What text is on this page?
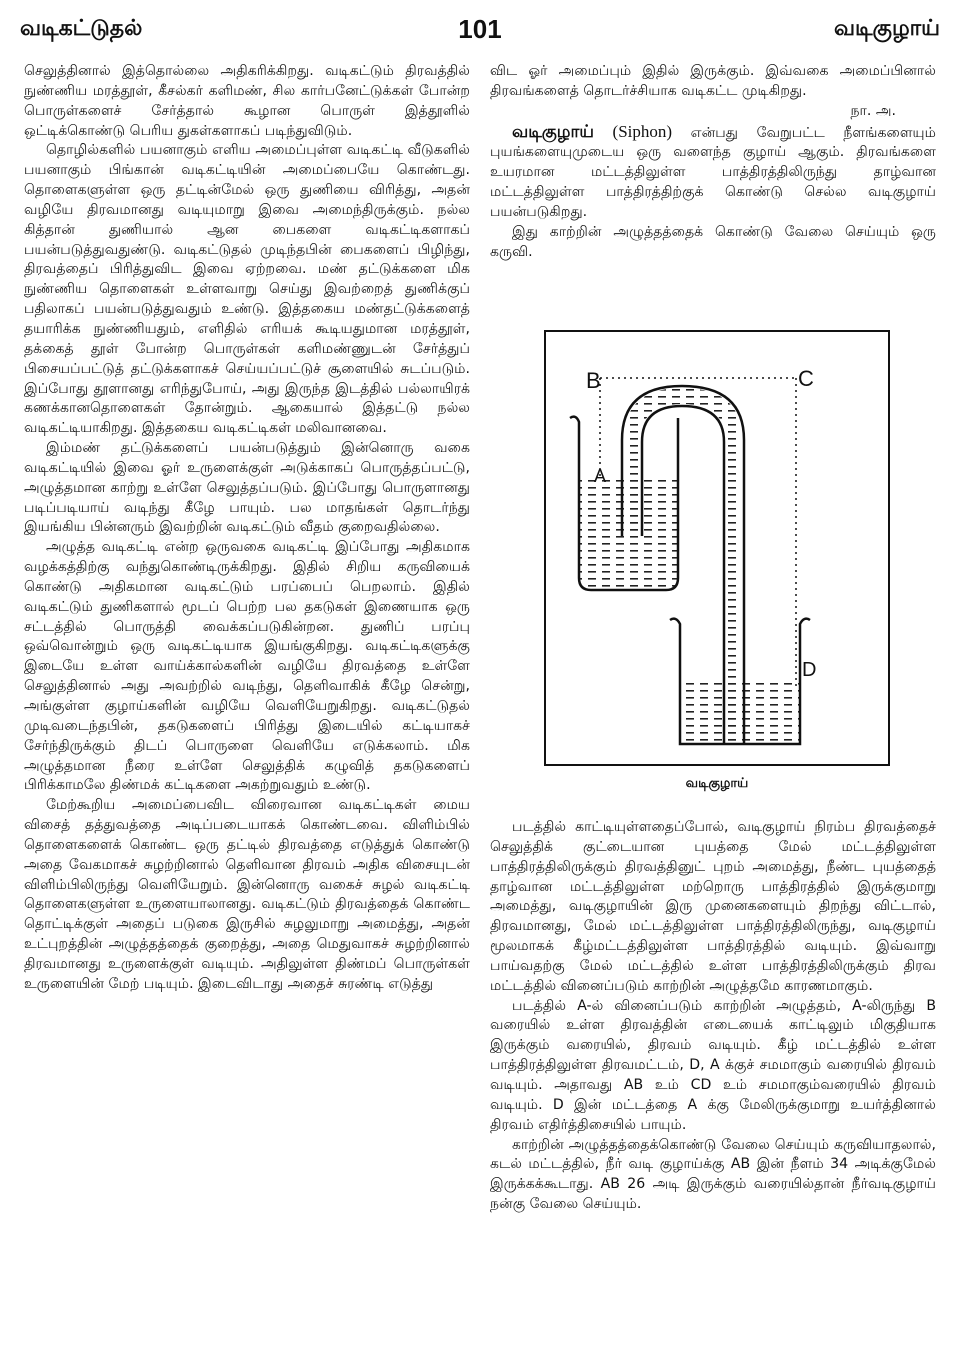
வடிகட்டுதல்	101	வடிகுழாய்

செலுத்தினால் இத்தொல்லை அதிகரிக்கிறது. வடிகட்டும் திரவத்தில் நுண்ணிய மரத்தூள், கீசல்கர் களிமண், சில கார்பனேட்டுக்கள் போன்ற பொருள்களைச் சேர்த்தால் கூழான பொருள் இத்தூளில் ஒட்டிக்கொண்டு பெரிய துகள்களாகப் படிந்துவிடும்.

தொழில்களில் பயனாகும் எளிய அமைப்புள்ள வடிகட்டி வீடுகளில் பயனாகும் பிங்கான் வடிகட்டியின் அமைப்பையே கொண்டது. தொளைகளுள்ள ஒரு தட்டின்மேல் ஒரு துணியை விரித்து, அதன் வழியே திரவமானது வடியுமாறு இவை அமைந்திருக்கும். நல்ல கித்தான் துணியால் ஆன பைகளை வடிகட்டிகளாகப் பயன்படுத்துவதுண்டு. வடிகட்டுதல் முடிந்தபின் பைகளைப் பிழிந்து, திரவத்தைப் பிரித்துவிட இவை ஏற்றவை. மண் தட்டுக்களை மிக நுண்ணிய தொளைகள் உள்ளவாறு செய்து இவற்றைத் துணிக்குப் பதிலாகப் பயன்படுத்துவதும் உண்டு. இத்தகைய மண்தட்டுக்களைத் தயாரிக்க நுண்ணியதும், எளிதில் எரியக் கூடியதுமான மரத்தூள், தக்கைத் தூள் போன்ற பொருள்கள் களிமண்ணுடன் சேர்த்துப் பிசையப்பட்டுத் தட்டுக்களாகச் செய்யப்பட்டுச் சூளையில் சுடப்படும். இப்போது தூளானது எரிந்துபோய், அது இருந்த இடத்தில் பல்லாயிரக் கணக்கானதொளைகள் தோன்றும். ஆகையால் இத்தட்டு நல்ல வடிகட்டியாகிறது. இத்தகைய வடிகட்டிகள் மலிவானவை.

இம்மண் தட்டுக்களைப் பயன்படுத்தும் இன்னொரு வகை வடிகட்டியில் இவை ஓர் உருளைக்குள் அடுக்காகப் பொருத்தப்பட்டு, அழுத்தமான காற்று உள்ளே செலுத்தப்படும். இப்போது பொருளானது படிப்படியாய் வடிந்து கீழே பாயும். பல மாதங்கள் தொடர்ந்து இயங்கிய பின்னரும் இவற்றின் வடிகட்டும் வீதம் குறைவதில்லை.

அழுத்த வடிகட்டி என்ற ஒருவகை வடிகட்டி இப்போது அதிகமாக வழக்கத்திற்கு வந்துகொண்டிருக்கிறது. இதில் சிறிய கருவியைக் கொண்டு அதிகமான வடிகட்டும் பரப்பைப் பெறலாம். இதில் வடிகட்டும் துணிகளால் மூடப் பெற்ற பல தகடுகள் இணையாக ஒரு சட்டத்தில் பொருத்தி வைக்கப்படுகின்றன. துணிப் பரப்பு ஒவ்வொன்றும் ஒரு வடிகட்டியாக இயங்குகிறது. வடிகட்டிகளுக்கு இடையே உள்ள வாய்க்கால்களின் வழியே திரவத்தை உள்ளே செலுத்தினால் அது அவற்றில் வடிந்து, தெளிவாகிக் கீழே சென்று, அங்குள்ள குழாய்களின் வழியே வெளியேறுகிறது. வடிகட்டுதல் முடிவடைந்தபின், தகடுகளைப் பிரித்து இடையில் கட்டியாகச் சேர்ந்திருக்கும் திடப் பொருளை வெளியே எடுக்கலாம். மிக அழுத்தமான நீரை உள்ளே செலுத்திக் கழுவித் தகடுகளைப் பிரிக்காமலே திண்மக் கட்டிகளை அகற்றுவதும் உண்டு.

மேற்கூறிய அமைப்பைவிட விரைவான வடிகட்டிகள் மைய விசைத் தத்துவத்தை அடிப்படையாகக் கொண்டவை. விளிம்பில் தொளைகளைக் கொண்ட ஒரு தட்டில் திரவத்தை எடுத்துக் கொண்டு அதை வேகமாகச் சுழற்றினால் தெளிவான திரவம் அதிக விசையுடன் விளிம்பிலிருந்து வெளியேறும். இன்னொரு வகைச் சுழல் வடிகட்டி தொளைகளுள்ள உருளையாலானது. வடிகட்டும் திரவத்தைக் கொண்ட தொட்டிக்குள் அதைப் படுகை இருசில் சுழலுமாறு அமைத்து, அதன் உட்புறத்தின் அழுத்தத்தைக் குறைத்து, அதை மெதுவாகச் சுழற்றினால் திரவமானது உருளைக்குள் வடியும். அதிலுள்ள திண்மப் பொருள்கள் உருளையின் மேற் படியும். இடைவிடாது அதைச் சுரண்டி எடுத்து

விட ஓர் அமைப்பும் இதில் இருக்கும். இவ்வகை அமைப்பினால் திரவங்களைத் தொடர்ச்சியாக வடிகட்ட முடிகிறது.
நா. அ.

வடிகுழாய் (Siphon) என்பது வேறுபட்ட நீளங்களையும் புயங்களையுமுடைய ஒரு வளைந்த குழாய் ஆகும். திரவங்களை உயரமான மட்டத்திலுள்ள பாத்திரத்திலிருந்து தாழ்வான மட்டத்திலுள்ள பாத்திரத்திற்குக் கொண்டு செல்ல வடிகுழாய் பயன்படுகிறது.

இது காற்றின் அழுத்தத்தைக் கொண்டு வேலை செய்யும் ஒரு கருவி.

B	C
A
D
வடிகுழாய்

படத்தில் காட்டியுள்ளதைப்போல், வடிகுழாய் நிரம்ப திரவத்தைச் செலுத்திக் குட்டையான புயத்தை மேல் மட்டத்திலுள்ள பாத்திரத்திலிருக்கும் திரவத்தினுட் புறம் அமைத்து, நீண்ட புயத்தைத் தாழ்வான மட்டத்திலுள்ள மற்றொரு பாத்திரத்தில் இருக்குமாறு அமைத்து, வடிகுழாயின் இரு முனைகளையும் திறந்து விட்டால், திரவமானது, மேல் மட்டத்திலுள்ள பாத்திரத்திலிருந்து, வடிகுழாய் மூலமாகக் கீழ்மட்டத்திலுள்ள பாத்திரத்தில் வடியும். இவ்வாறு பாய்வதற்கு மேல் மட்டத்தில் உள்ள பாத்திரத்திலிருக்கும் திரவ மட்டத்தில் வினைப்படும் காற்றின் அழுத்தமே காரணமாகும்.

படத்தில் A-ல் வினைப்படும் காற்றின் அழுத்தம், A-லிருந்து B வரையில் உள்ள திரவத்தின் எடையைக் காட்டிலும் மிகுதியாக இருக்கும் வரையில், திரவம் வடியும். கீழ் மட்டத்தில் உள்ள பாத்திரத்திலுள்ள திரவமட்டம், D, A க்குச் சமமாகும் வரையில் திரவம் வடியும். அதாவது AB உம் CD உம் சமமாகும்வரையில் திரவம் வடியும். D இன் மட்டத்தை A க்கு மேலிருக்குமாறு உயர்த்தினால் திரவம் எதிர்த்திசையில் பாயும்.

காற்றின் அழுத்தத்தைக்கொண்டு வேலை செய்யும் கருவியாதலால், கடல் மட்டத்தில், நீர் வடி குழாய்க்கு AB இன் நீளம் 34 அடிக்குமேல் இருக்கக்கூடாது. AB 26 அடி இருக்கும் வரையில்தான் நீர்வடிகுழாய் நன்கு வேலை செய்யும்.
